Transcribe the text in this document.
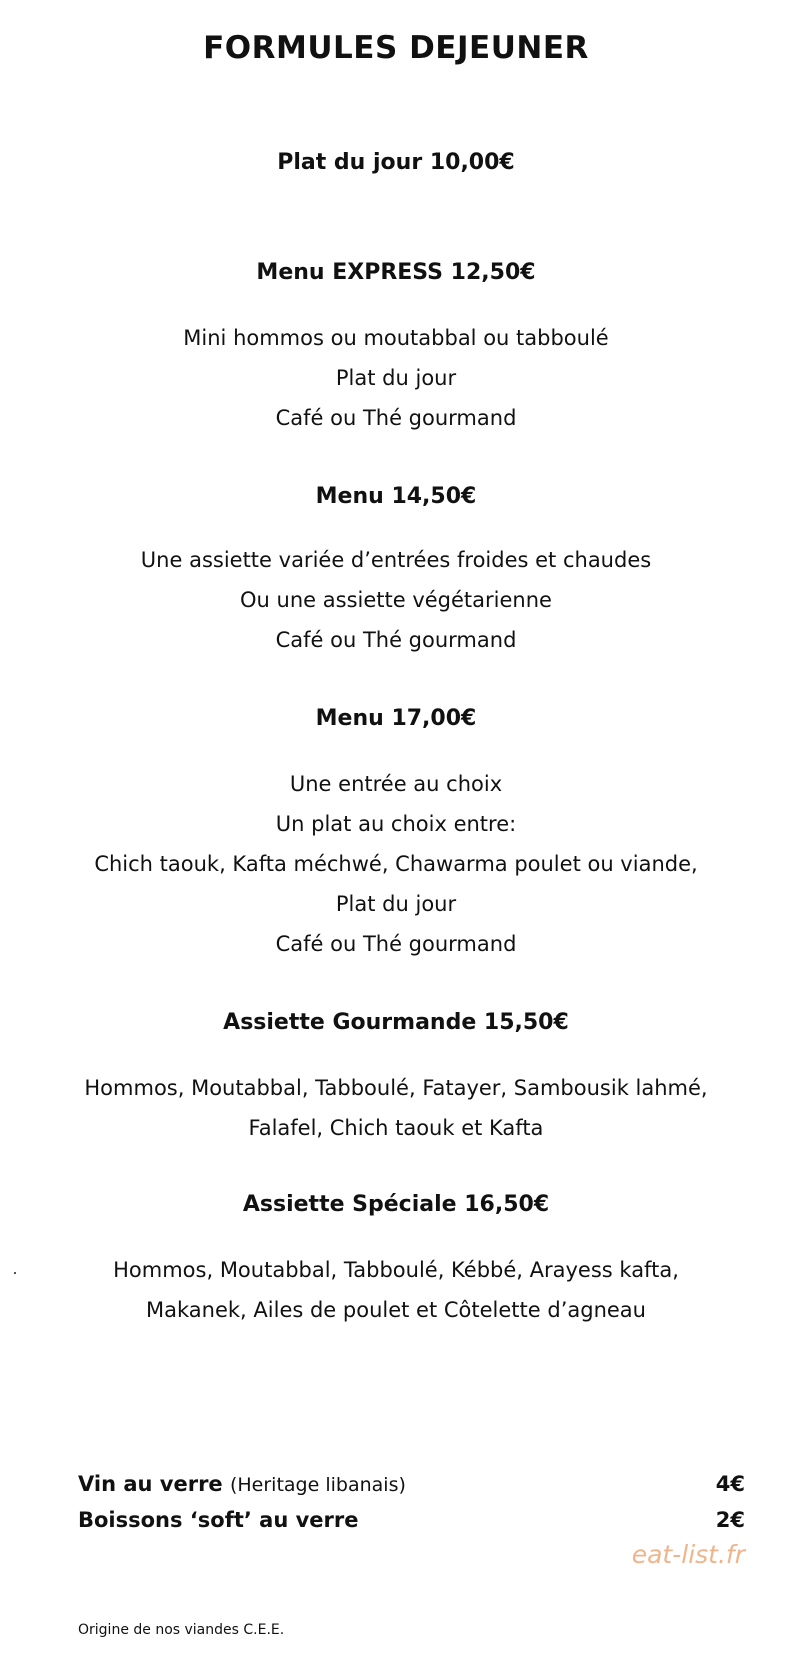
FORMULES DEJEUNER
Plat du jour 10,00€
Menu EXPRESS 12,50€
Mini hommos ou moutabbal ou tabboulé
Plat du jour
Café ou Thé gourmand
Menu 14,50€
Une assiette variée d’entrées froides et chaudes
Ou une assiette végétarienne
Café ou Thé gourmand
Menu 17,00€
Une entrée au choix
Un plat au choix entre:
Chich taouk, Kafta méchwé, Chawarma poulet ou viande,
Plat du jour
Café ou Thé gourmand
Assiette Gourmande 15,50€
Hommos, Moutabbal, Tabboulé, Fatayer, Sambousik lahmé,
Falafel, Chich taouk et Kafta
Assiette Spéciale 16,50€
Hommos, Moutabbal, Tabboulé, Kébbé, Arayess kafta,
Makanek, Ailes de poulet et Côtelette d’agneau
Vin au verre (Heritage libanais)	4€
Boissons ‘soft’ au verre	2€
eat-list.fr
Origine de nos viandes C.E.E.
